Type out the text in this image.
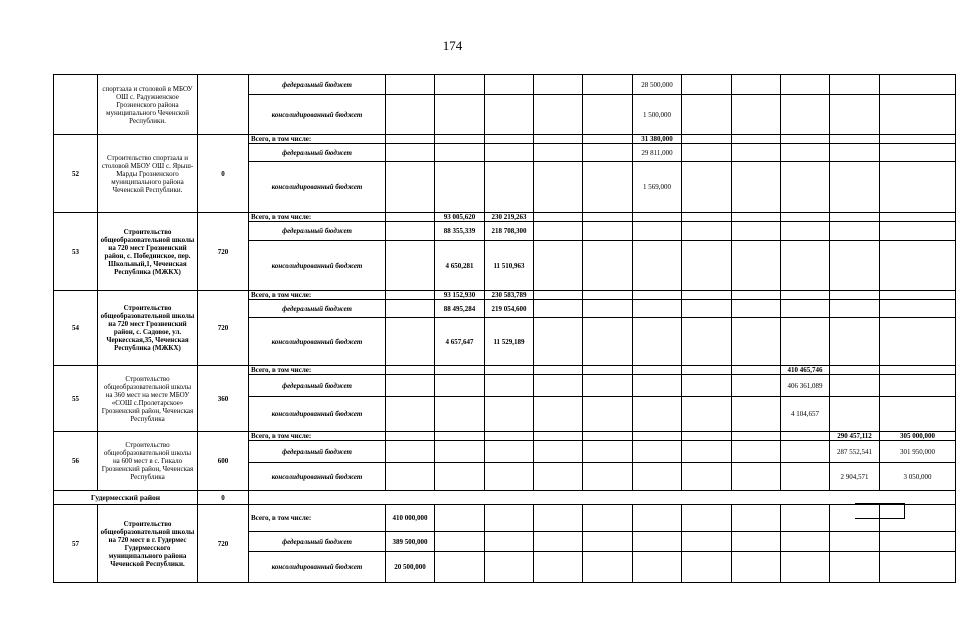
174
	спортзала и столовой в МБОУ ОШ с. Радужненское Грозненского района муниципального Чеченской Республики.		федеральный бюджет						28 500,000					
			консолидированный бюджет						1 500,000					
52	Строительство спортзала и столовой МБОУ ОШ с. Ярыш-Марды Грозненского муниципального района Чеченской Республики.	0	Всего, в том числе:						31 380,000					
			федеральный бюджет						29 811,000					
			консолидированный бюджет						1 569,000					
53	Строительство общеобразовательной школы на 720 мест Грозненский район, с. Побединское, пер. Школьный,1, Чеченская Республика (МЖКХ)	720	Всего, в том числе:		93 005,620	230 219,263								
			федеральный бюджет		88 355,339	218 708,300								
			консолидированный бюджет		4 650,281	11 510,963								
54	Строительство общеобразовательной школы на 720 мест Грозненский район, с. Садовое, ул. Черкесская,35, Чеченская Республика (МЖКХ)	720	Всего, в том числе:		93 152,930	230 583,789								
			федеральный бюджет		88 495,284	219 054,600								
			консолидированный бюджет		4 657,647	11 529,189								
55	Строительство общеобразовательной школы на 360 мест на месте МБОУ «СОШ с.Пролетарское» Грозненский район, Чеченская Республика	360	Всего, в том числе:									410 465,746		
			федеральный бюджет									406 361,089		
			консолидированный бюджет									4 104,657		
56	Строительство общеобразовательной школы на 600 мест в с. Гикало Грозненский район, Чеченская Республика	600	Всего, в том числе:										290 457,112	305 000,000
			федеральный бюджет										287 552,541	301 950,000
			консолидированный бюджет										2 904,571	3 050,000
Гудермесский район		0												
57	Строительство общеобразовательной школы на 720 мест в г. Гудермес Гудермесского муниципального района Чеченской Республики.	720	Всего, в том числе:	410 000,000										
			федеральный бюджет	389 500,000										
			консолидированный бюджет	20 500,000										
